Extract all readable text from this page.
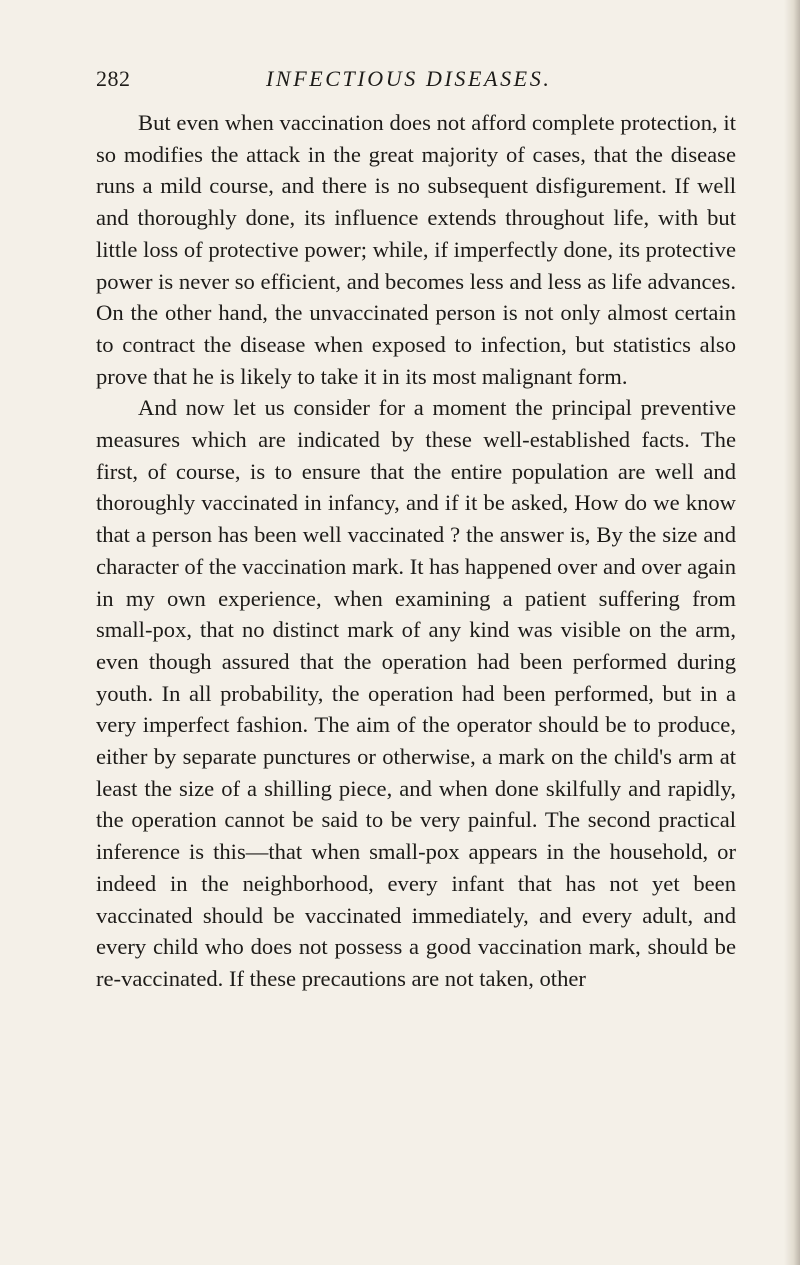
282	INFECTIOUS DISEASES.

But even when vaccination does not afford complete protection, it so modifies the attack in the great majority of cases, that the disease runs a mild course, and there is no subsequent disfigurement. If well and thoroughly done, its influence extends throughout life, with but little loss of protective power; while, if imperfectly done, its protective power is never so efficient, and becomes less and less as life advances. On the other hand, the unvaccinated person is not only almost certain to contract the disease when exposed to infection, but statistics also prove that he is likely to take it in its most malignant form.

And now let us consider for a moment the principal preventive measures which are indicated by these well-established facts. The first, of course, is to ensure that the entire population are well and thoroughly vaccinated in infancy, and if it be asked, How do we know that a person has been well vaccinated ? the answer is, By the size and character of the vaccination mark. It has happened over and over again in my own experience, when examining a patient suffering from small-pox, that no distinct mark of any kind was visible on the arm, even though assured that the operation had been performed during youth. In all probability, the operation had been performed, but in a very imperfect fashion. The aim of the operator should be to produce, either by separate punctures or otherwise, a mark on the child's arm at least the size of a shilling piece, and when done skilfully and rapidly, the operation cannot be said to be very painful. The second practical inference is this—that when small-pox appears in the household, or indeed in the neighborhood, every infant that has not yet been vaccinated should be vaccinated immediately, and every adult, and every child who does not possess a good vaccination mark, should be re-vaccinated. If these precautions are not taken, other
